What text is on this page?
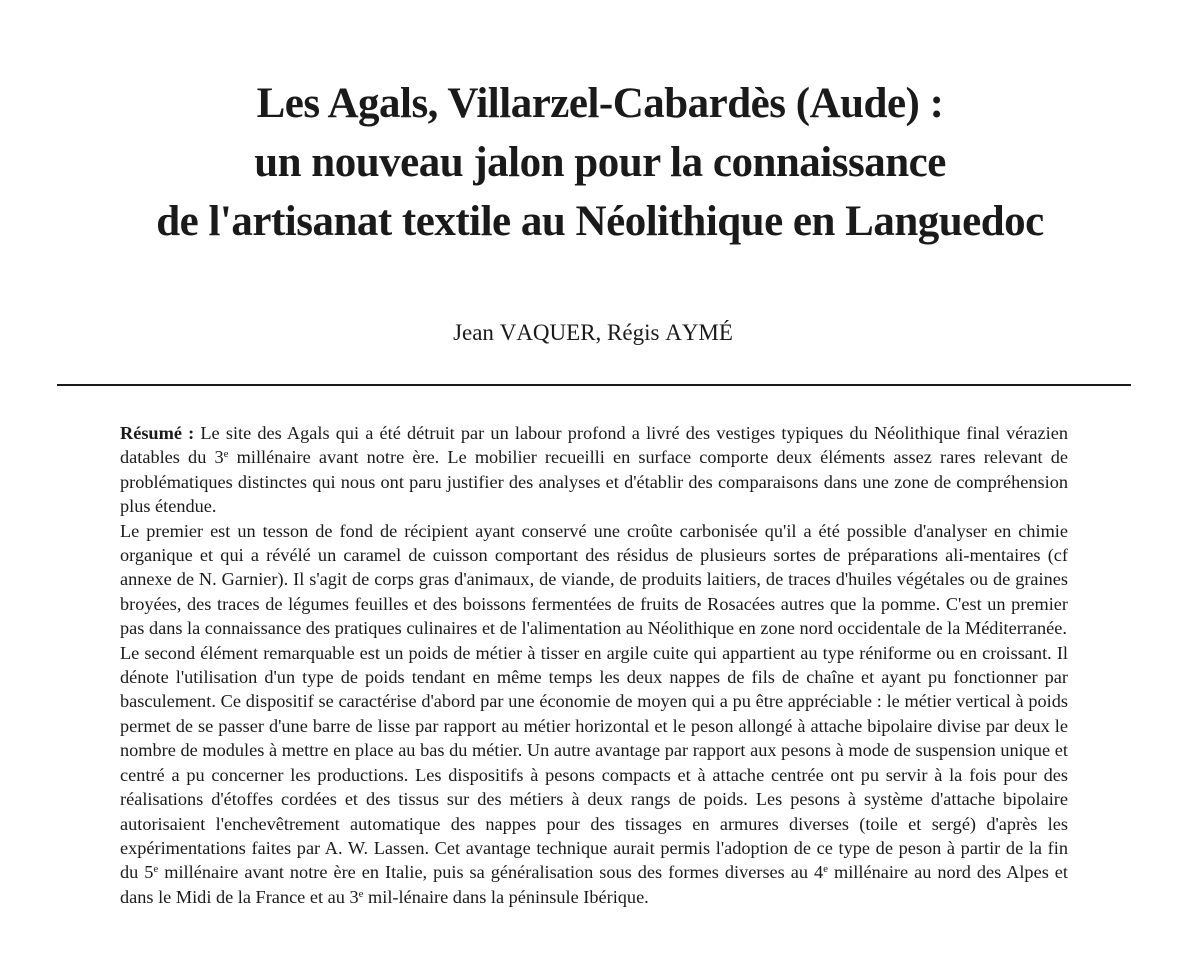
Les Agals, Villarzel-Cabardès (Aude) :
un nouveau jalon pour la connaissance
de l'artisanat textile au Néolithique en Languedoc
Jean VAQUER, Régis AYMÉ

Résumé : Le site des Agals qui a été détruit par un labour profond a livré des vestiges typiques du Néolithique final vérazien datables du 3e millénaire avant notre ère. Le mobilier recueilli en surface comporte deux éléments assez rares relevant de problématiques distinctes qui nous ont paru justifier des analyses et d'établir des comparaisons dans une zone de compréhension plus étendue.

Le premier est un tesson de fond de récipient ayant conservé une croûte carbonisée qu'il a été possible d'analyser en chimie organique et qui a révélé un caramel de cuisson comportant des résidus de plusieurs sortes de préparations ali-mentaires (cf annexe de N. Garnier). Il s'agit de corps gras d'animaux, de viande, de produits laitiers, de traces d'huiles végétales ou de graines broyées, des traces de légumes feuilles et des boissons fermentées de fruits de Rosacées autres que la pomme. C'est un premier pas dans la connaissance des pratiques culinaires et de l'alimentation au Néolithique en zone nord occidentale de la Méditerranée.

Le second élément remarquable est un poids de métier à tisser en argile cuite qui appartient au type réniforme ou en croissant. Il dénote l'utilisation d'un type de poids tendant en même temps les deux nappes de fils de chaîne et ayant pu fonctionner par basculement. Ce dispositif se caractérise d'abord par une économie de moyen qui a pu être appréciable : le métier vertical à poids permet de se passer d'une barre de lisse par rapport au métier horizontal et le peson allongé à attache bipolaire divise par deux le nombre de modules à mettre en place au bas du métier. Un autre avantage par rapport aux pesons à mode de suspension unique et centré a pu concerner les productions. Les dispositifs à pesons compacts et à attache centrée ont pu servir à la fois pour des réalisations d'étoffes cordées et des tissus sur des métiers à deux rangs de poids. Les pesons à système d'attache bipolaire autorisaient l'enchevêtrement automatique des nappes pour des tissages en armures diverses (toile et sergé) d'après les expérimentations faites par A. W. Lassen. Cet avantage technique aurait permis l'adoption de ce type de peson à partir de la fin du 5e millénaire avant notre ère en Italie, puis sa généralisation sous des formes diverses au 4e millénaire au nord des Alpes et dans le Midi de la France et au 3e mil-lénaire dans la péninsule Ibérique.
